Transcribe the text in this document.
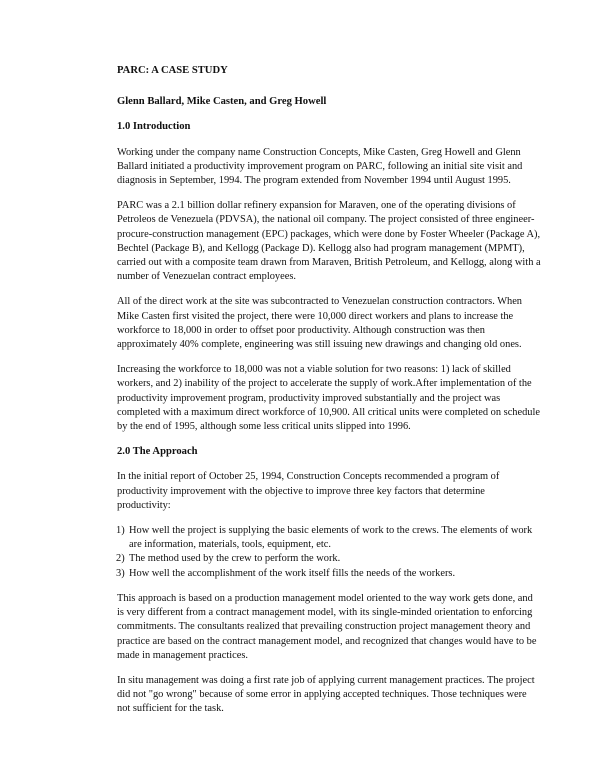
PARC: A CASE STUDY
Glenn Ballard, Mike Casten, and Greg Howell
1.0 Introduction

Working under the company name Construction Concepts, Mike Casten, Greg Howell and Glenn Ballard initiated a productivity improvement program on PARC, following an initial site visit and diagnosis in September, 1994. The program extended from November 1994 until August 1995.

PARC was a 2.1 billion dollar refinery expansion for Maraven, one of the operating divisions of Petroleos de Venezuela (PDVSA), the national oil company. The project consisted of three engineer-procure-construction management (EPC) packages, which were done by Foster Wheeler (Package A), Bechtel (Package B), and Kellogg (Package D). Kellogg also had program management (MPMT), carried out with a composite team drawn from Maraven, British Petroleum, and Kellogg, along with a number of Venezuelan contract employees.

All of the direct work at the site was subcontracted to Venezuelan construction contractors. When Mike Casten first visited the project, there were 10,000 direct workers and plans to increase the workforce to 18,000 in order to offset poor productivity. Although construction was then approximately 40% complete, engineering was still issuing new drawings and changing old ones.

Increasing the workforce to 18,000 was not a viable solution for two reasons: 1) lack of skilled workers, and 2) inability of the project to accelerate the supply of work.After implementation of the productivity improvement program, productivity improved substantially and the project was completed with a maximum direct workforce of 10,900. All critical units were completed on schedule by the end of 1995, although some less critical units slipped into 1996.

2.0 The Approach

In the initial report of October 25, 1994, Construction Concepts recommended a program of productivity improvement with the objective to improve three key factors that determine productivity:

1) How well the project is supplying the basic elements of work to the crews. The elements of work are information, materials, tools, equipment, etc.
2) The method used by the crew to perform the work.
3) How well the accomplishment of the work itself fills the needs of the workers.

This approach is based on a production management model oriented to the way work gets done, and is very different from a contract management model, with its single-minded orientation to enforcing commitments. The consultants realized that prevailing construction project management theory and practice are based on the contract management model, and recognized that changes would have to be made in management practices.

In situ management was doing a first rate job of applying current management practices. The project did not "go wrong" because of some error in applying accepted techniques. Those techniques were not sufficient for the task.
